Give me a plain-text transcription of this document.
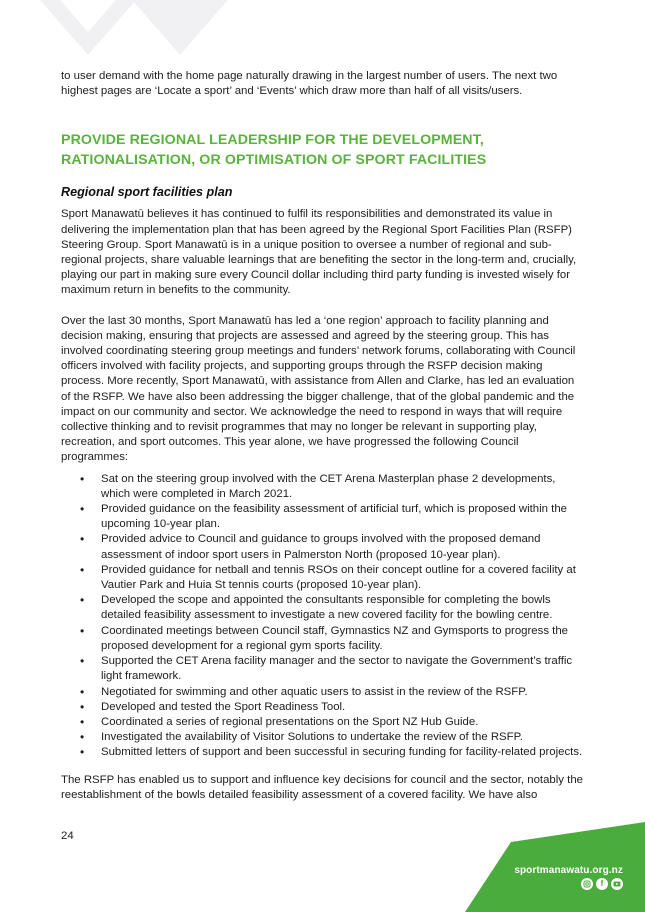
to user demand with the home page naturally drawing in the largest number of users. The next two highest pages are ‘Locate a sport’ and ‘Events’ which draw more than half of all visits/users.

PROVIDE REGIONAL LEADERSHIP FOR THE DEVELOPMENT, RATIONALISATION, OR OPTIMISATION OF SPORT FACILITIES
Regional sport facilities plan

Sport Manawatū believes it has continued to fulfil its responsibilities and demonstrated its value in delivering the implementation plan that has been agreed by the Regional Sport Facilities Plan (RSFP) Steering Group. Sport Manawatū is in a unique position to oversee a number of regional and sub-regional projects, share valuable learnings that are benefiting the sector in the long-term and, crucially, playing our part in making sure every Council dollar including third party funding is invested wisely for maximum return in benefits to the community.

Over the last 30 months, Sport Manawatū has led a ‘one region’ approach to facility planning and decision making, ensuring that projects are assessed and agreed by the steering group. This has involved coordinating steering group meetings and funders’ network forums, collaborating with Council officers involved with facility projects, and supporting groups through the RSFP decision making process. More recently, Sport Manawatū, with assistance from Allen and Clarke, has led an evaluation of the RSFP. We have also been addressing the bigger challenge, that of the global pandemic and the impact on our community and sector. We acknowledge the need to respond in ways that will require collective thinking and to revisit programmes that may no longer be relevant in supporting play, recreation, and sport outcomes. This year alone, we have progressed the following Council programmes:

• Sat on the steering group involved with the CET Arena Masterplan phase 2 developments, which were completed in March 2021.
• Provided guidance on the feasibility assessment of artificial turf, which is proposed within the upcoming 10-year plan.
• Provided advice to Council and guidance to groups involved with the proposed demand assessment of indoor sport users in Palmerston North (proposed 10-year plan).
• Provided guidance for netball and tennis RSOs on their concept outline for a covered facility at Vautier Park and Huia St tennis courts (proposed 10-year plan).
• Developed the scope and appointed the consultants responsible for completing the bowls detailed feasibility assessment to investigate a new covered facility for the bowling centre.
• Coordinated meetings between Council staff, Gymnastics NZ and Gymsports to progress the proposed development for a regional gym sports facility.
• Supported the CET Arena facility manager and the sector to navigate the Government’s traffic light framework.
• Negotiated for swimming and other aquatic users to assist in the review of the RSFP.
• Developed and tested the Sport Readiness Tool.
• Coordinated a series of regional presentations on the Sport NZ Hub Guide.
• Investigated the availability of Visitor Solutions to undertake the review of the RSFP.
• Submitted letters of support and been successful in securing funding for facility-related projects.

The RSFP has enabled us to support and influence key decisions for council and the sector, notably the reestablishment of the bowls detailed feasibility assessment of a covered facility. We have also

24
sportmanawatu.org.nz
f
